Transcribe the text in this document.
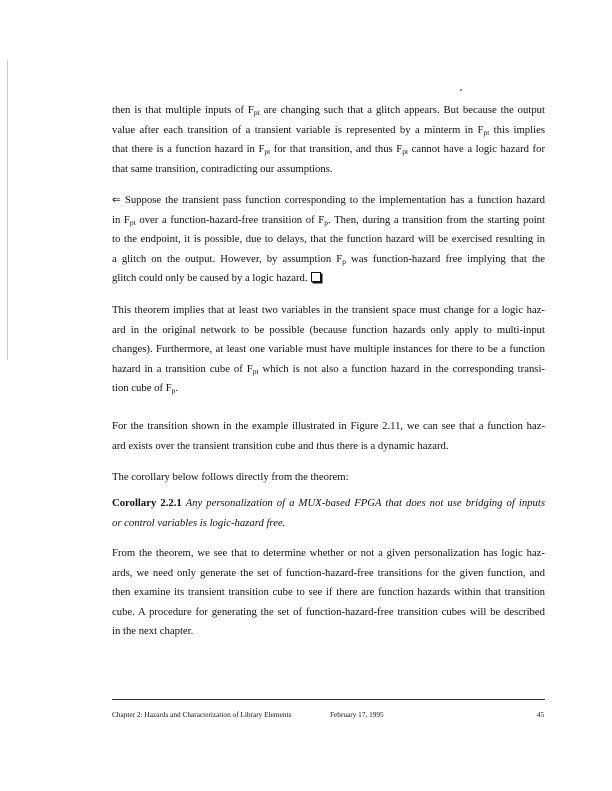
then is that multiple inputs of $F_{pt}$ are changing such that a glitch appears. But because the output
value after each transition of a transient variable is represented by a minterm in $F_{pt}$ this implies
that there is a function hazard in $F_{pt}$ for that transition, and thus $F_{pt}$ cannot have a logic hazard for
that same transition, contradicting our assumptions.
⇐ Suppose the transient pass function corresponding to the implementation has a function hazard
in $F_{pt}$ over a function-hazard-free transition of $F_p$. Then, during a transition from the starting point
to the endpoint, it is possible, due to delays, that the function hazard will be exercised resulting in
a glitch on the output. However, by assumption $F_p$ was function-hazard free implying that the
glitch could only be caused by a logic hazard.
This theorem implies that at least two variables in the transient space must change for a logic haz-
ard in the original network to be possible (because function hazards only apply to multi-input
changes). Furthermore, at least one variable must have multiple instances for there to be a function
hazard in a transition cube of $F_{pt}$ which is not also a function hazard in the corresponding transi-
tion cube of $F_p$.
For the transition shown in the example illustrated in Figure 2.11, we can see that a function haz-
ard exists over the transient transition cube and thus there is a dynamic hazard.
The corollary below follows directly from the theorem:
Corollary 2.2.1 Any personalization of a MUX-based FPGA that does not use bridging of inputs
or control variables is logic-hazard free.
From the theorem, we see that to determine whether or not a given personalization has logic haz-
ards, we need only generate the set of function-hazard-free transitions for the given function, and
then examine its transient transition cube to see if there are function hazards within that transition
cube. A procedure for generating the set of function-hazard-free transition cubes will be described
in the next chapter.
Chapter 2: Hazards and Characterization of Library Elements	February 17, 1995	45
